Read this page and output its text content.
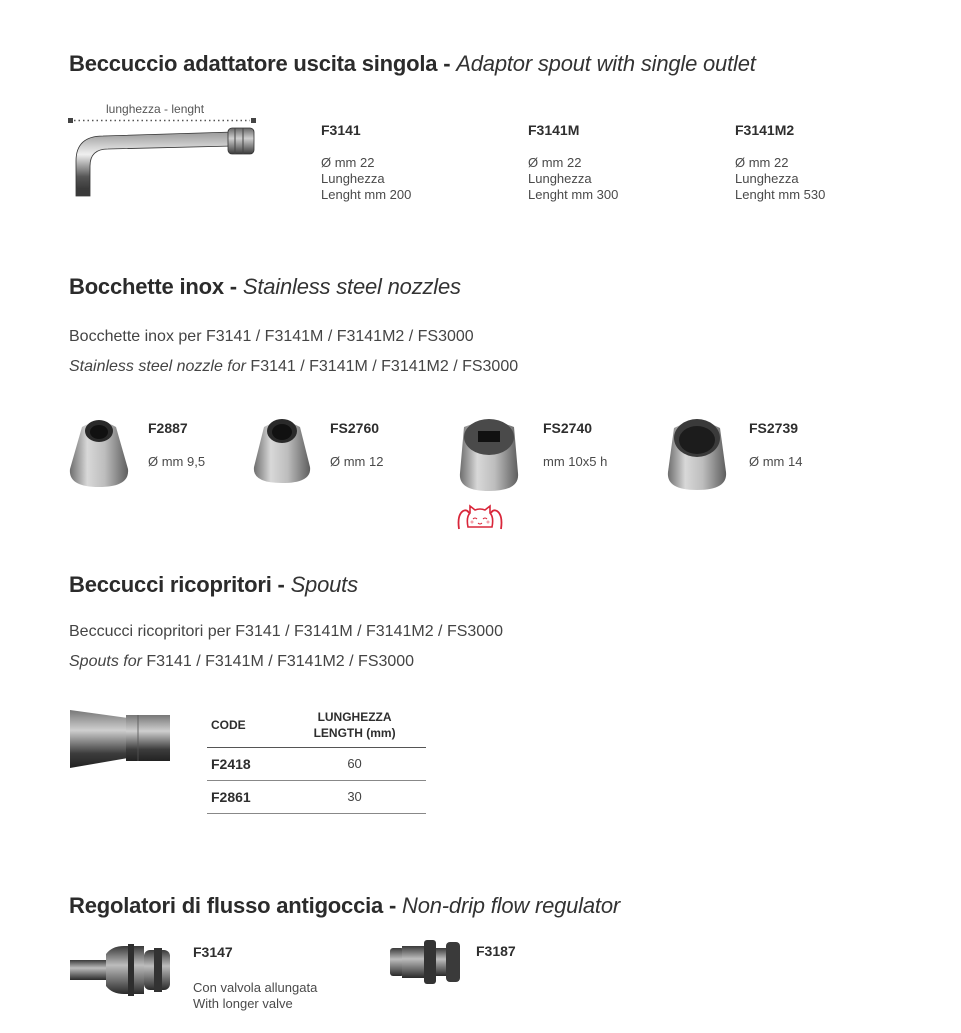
Beccuccio adattatore uscita singola - Adaptor spout with single outlet
lunghezza - lenght
F3141
Ø mm 22
Lunghezza
Lenght mm 200
F3141M
Ø mm 22
Lunghezza
Lenght mm 300
F3141M2
Ø mm 22
Lunghezza
Lenght mm 530
Bocchette inox - Stainless steel nozzles
Bocchette inox per F3141 / F3141M / F3141M2 / FS3000
Stainless steel nozzle for F3141 / F3141M / F3141M2 / FS3000
F2887
Ø mm 9,5
FS2760
Ø mm 12
FS2740
mm 10x5 h
FS2739
Ø mm 14
Beccucci ricopritori - Spouts
Beccucci ricopritori per F3141 / F3141M / F3141M2 / FS3000
Spouts for F3141 / F3141M / F3141M2 / FS3000
CODE	LUNGHEZZA
LENGTH (mm)

F2418	60
F2861	30
Regolatori di flusso antigoccia - Non-drip flow regulator
F3147
Con valvola allungata
With longer valve
F3187
